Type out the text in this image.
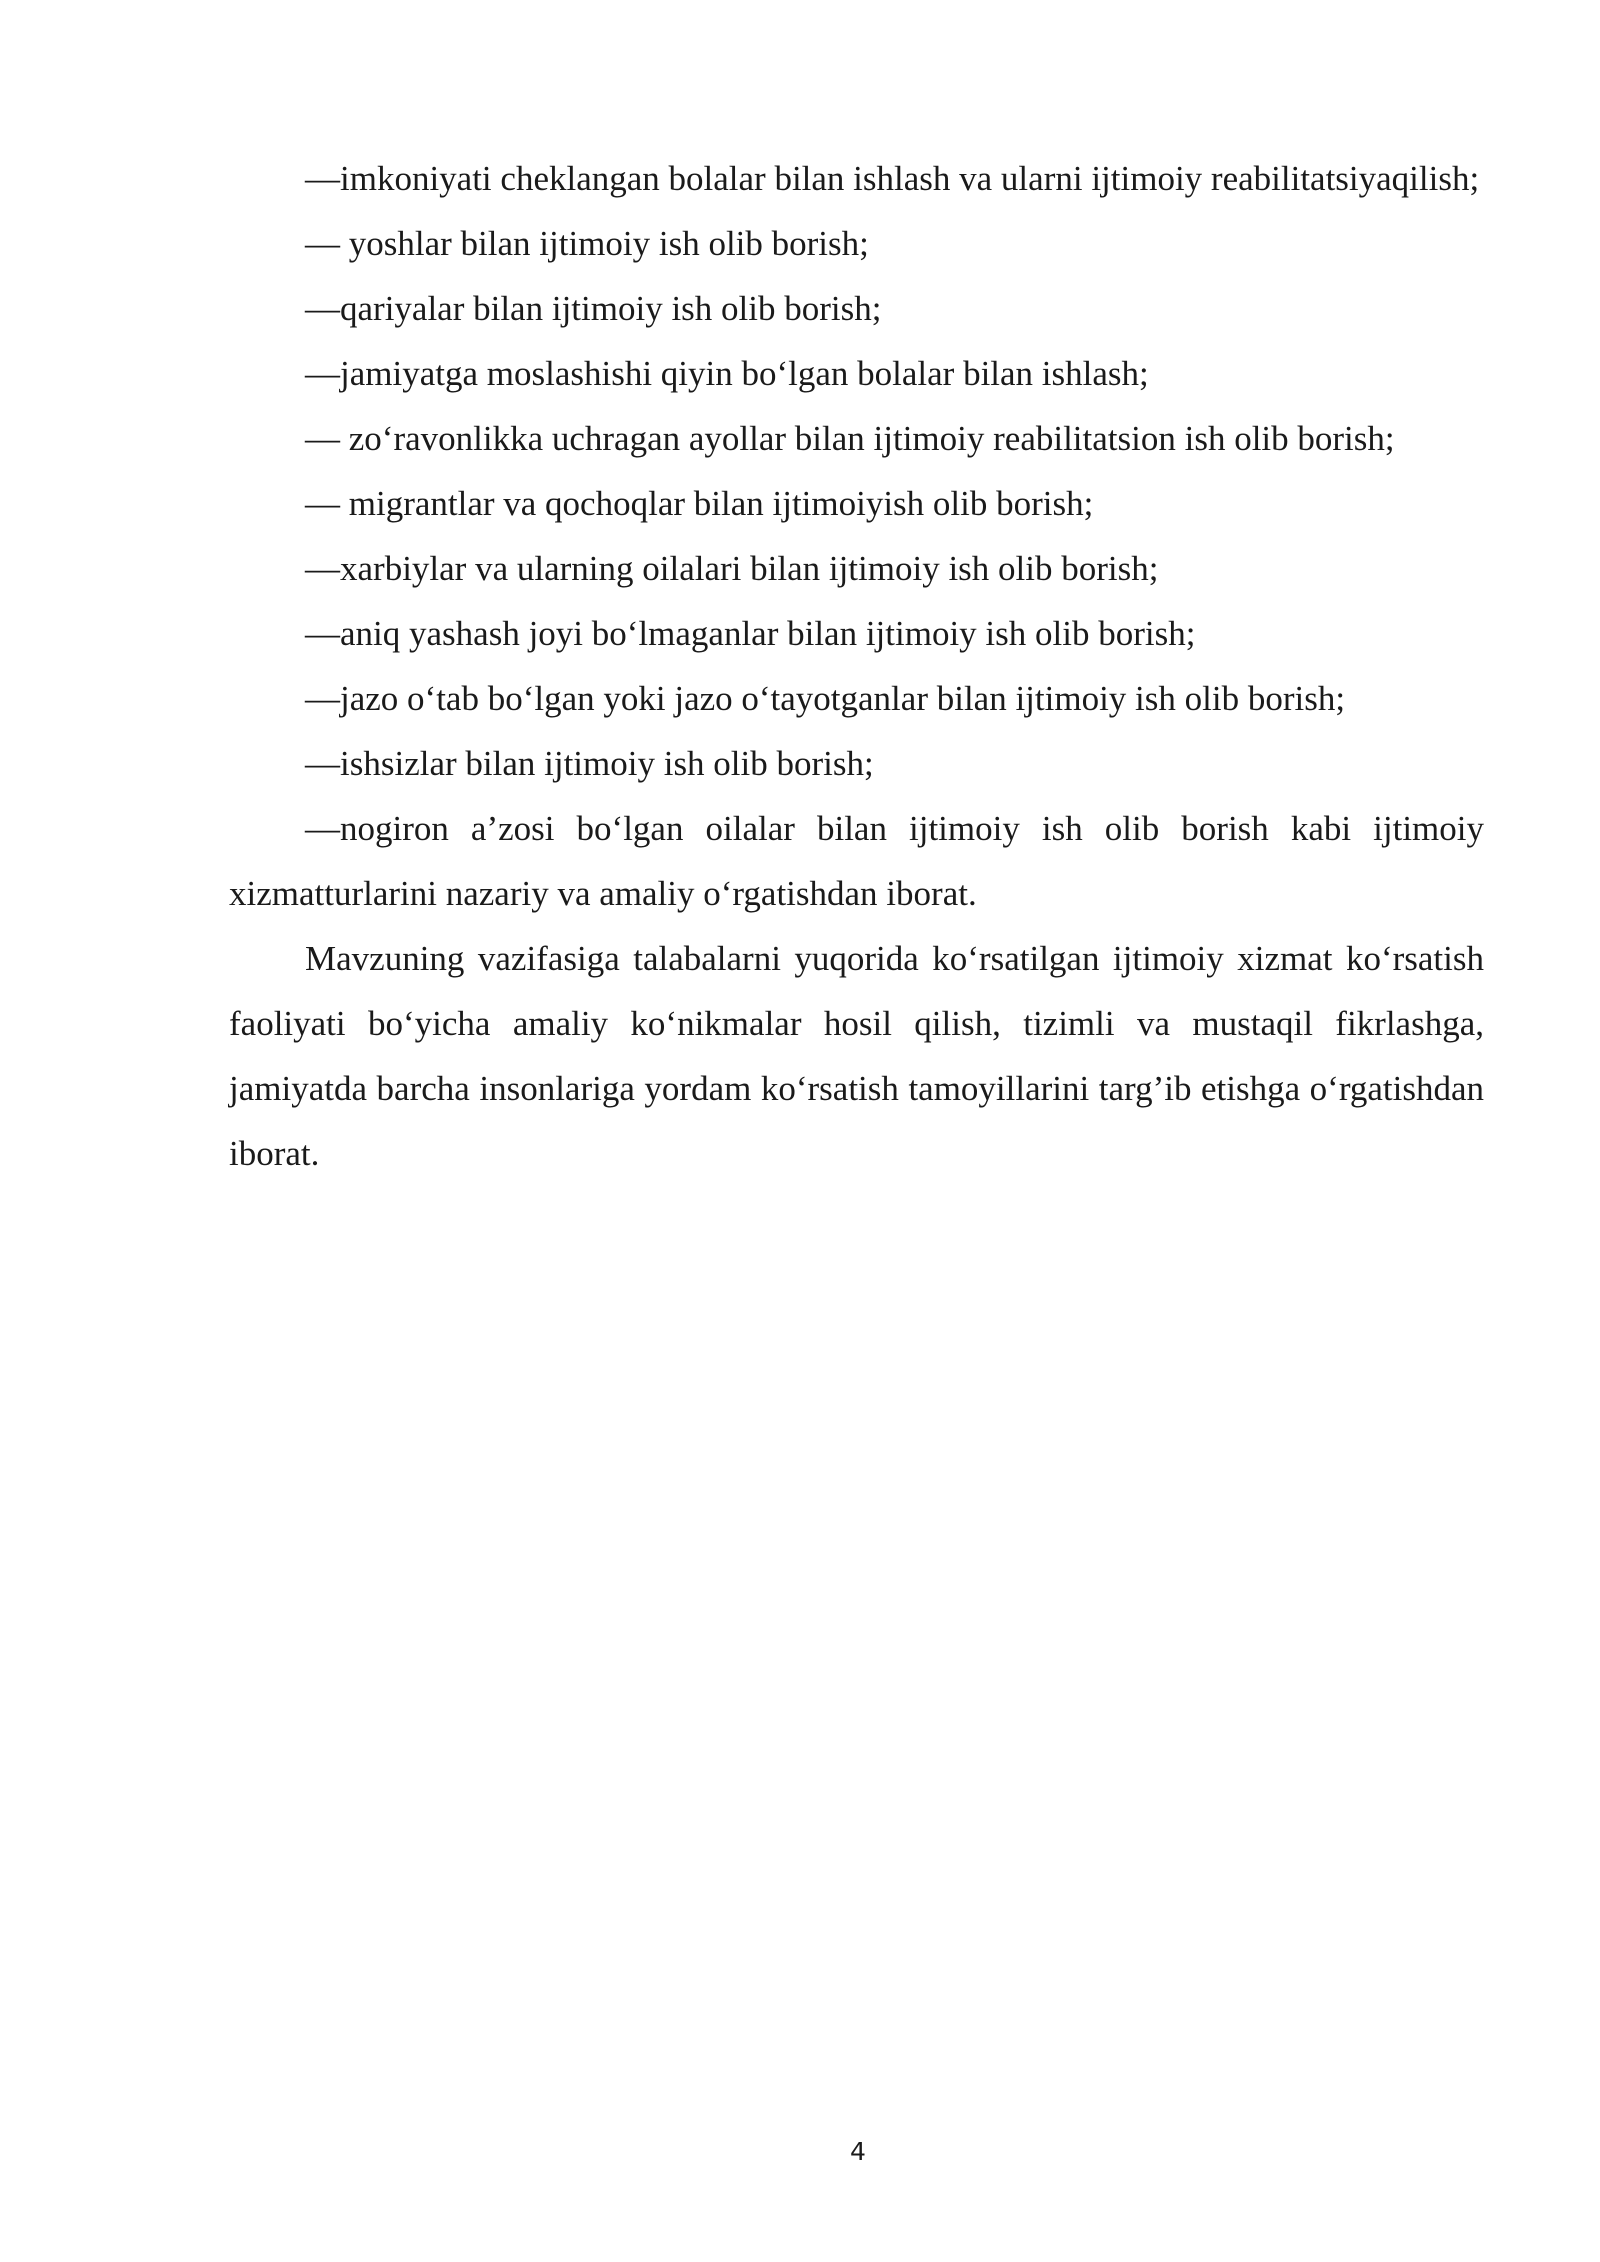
—imkoniyati cheklangan bolalar bilan ishlash va ularni ijtimoiy reabilitatsiyaqilish;

— yoshlar bilan ijtimoiy ish olib borish;

—qariyalar bilan ijtimoiy ish olib borish;

—jamiyatga moslashishi qiyin bo‘lgan bolalar bilan ishlash;

— zo‘ravonlikka uchragan ayollar bilan ijtimoiy reabilitatsion ish olib borish;

— migrantlar va qochoqlar bilan ijtimoiyish olib borish;

—xarbiylar va ularning oilalari bilan ijtimoiy ish olib borish;

—aniq yashash joyi bo‘lmaganlar bilan ijtimoiy ish olib borish;

—jazo o‘tab bo‘lgan yoki jazo o‘tayotganlar bilan ijtimoiy ish olib borish;

—ishsizlar bilan ijtimoiy ish olib borish;

—nogiron a’zosi bo‘lgan oilalar bilan ijtimoiy ish olib borish kabi ijtimoiy xizmatturlarini nazariy va amaliy o‘rgatishdan iborat.

Mavzuning vazifasiga talabalarni yuqorida ko‘rsatilgan ijtimoiy xizmat ko‘rsatish faoliyati bo‘yicha amaliy ko‘nikmalar hosil qilish, tizimli va mustaqil fikrlashga, jamiyatda barcha insonlariga yordam ko‘rsatish tamoyillarini targ’ib etishga o‘rgatishdan iborat.

4
